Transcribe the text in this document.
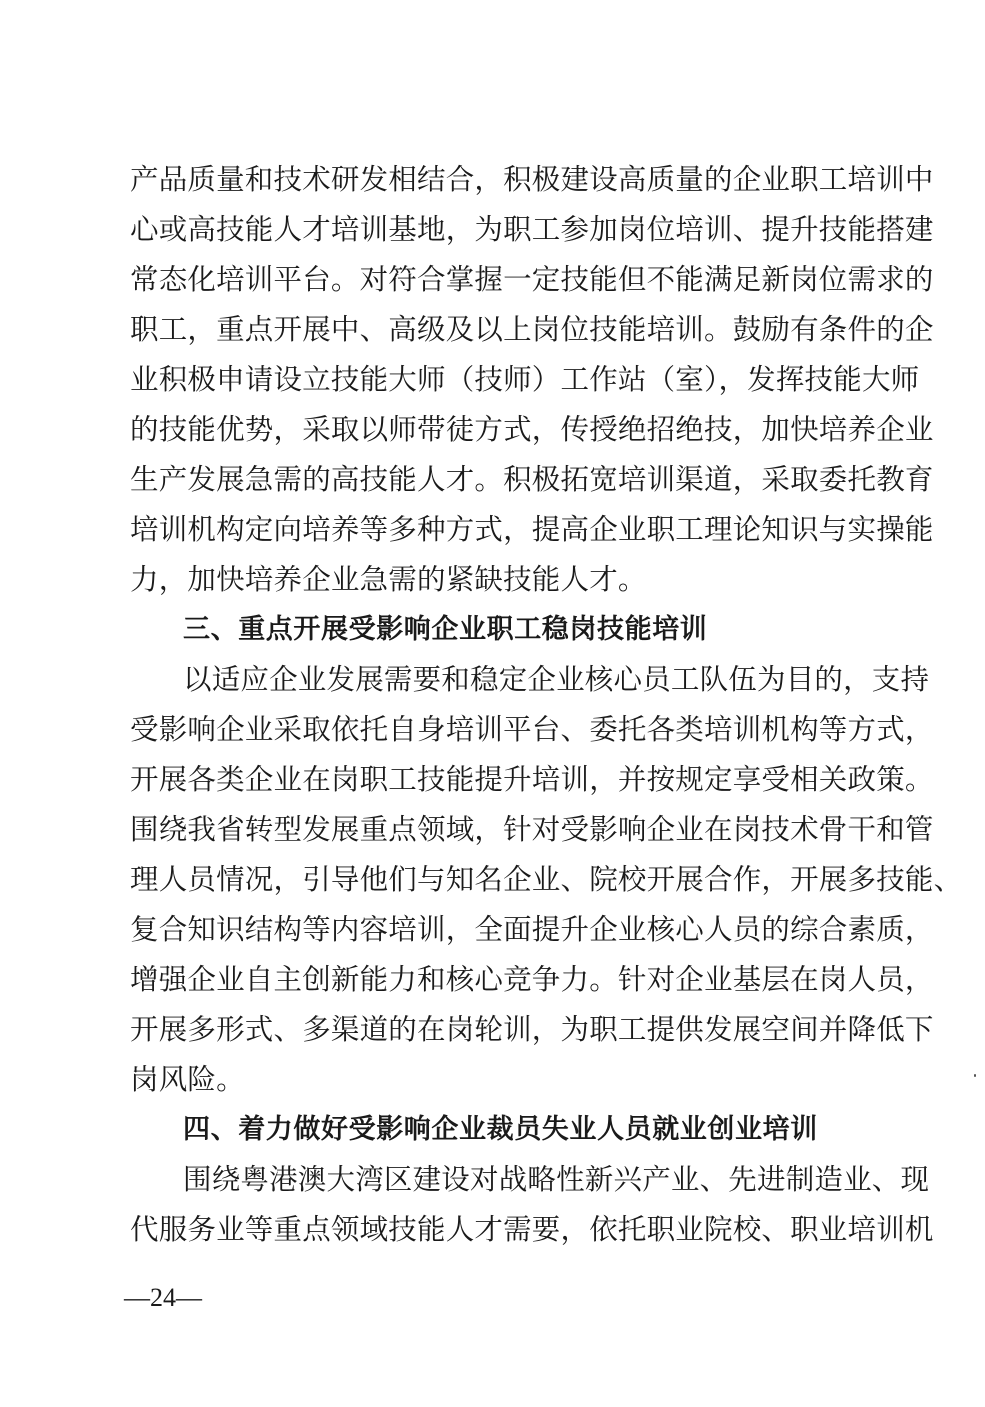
产品质量和技术研发相结合，积极建设高质量的企业职工培训中
心或高技能人才培训基地，为职工参加岗位培训、提升技能搭建
常态化培训平台。对符合掌握一定技能但不能满足新岗位需求的
职工，重点开展中、高级及以上岗位技能培训。鼓励有条件的企
业积极申请设立技能大师（技师）工作站（室），发挥技能大师
的技能优势，采取以师带徒方式，传授绝招绝技，加快培养企业
生产发展急需的高技能人才。积极拓宽培训渠道，采取委托教育
培训机构定向培养等多种方式，提高企业职工理论知识与实操能
力，加快培养企业急需的紧缺技能人才。
三、重点开展受影响企业职工稳岗技能培训
以适应企业发展需要和稳定企业核心员工队伍为目的，支持
受影响企业采取依托自身培训平台、委托各类培训机构等方式，
开展各类企业在岗职工技能提升培训，并按规定享受相关政策。
围绕我省转型发展重点领域，针对受影响企业在岗技术骨干和管
理人员情况，引导他们与知名企业、院校开展合作，开展多技能、
复合知识结构等内容培训，全面提升企业核心人员的综合素质，
增强企业自主创新能力和核心竞争力。针对企业基层在岗人员，
开展多形式、多渠道的在岗轮训，为职工提供发展空间并降低下
岗风险。
四、着力做好受影响企业裁员失业人员就业创业培训
围绕粤港澳大湾区建设对战略性新兴产业、先进制造业、现
代服务业等重点领域技能人才需要，依托职业院校、职业培训机
—24—
